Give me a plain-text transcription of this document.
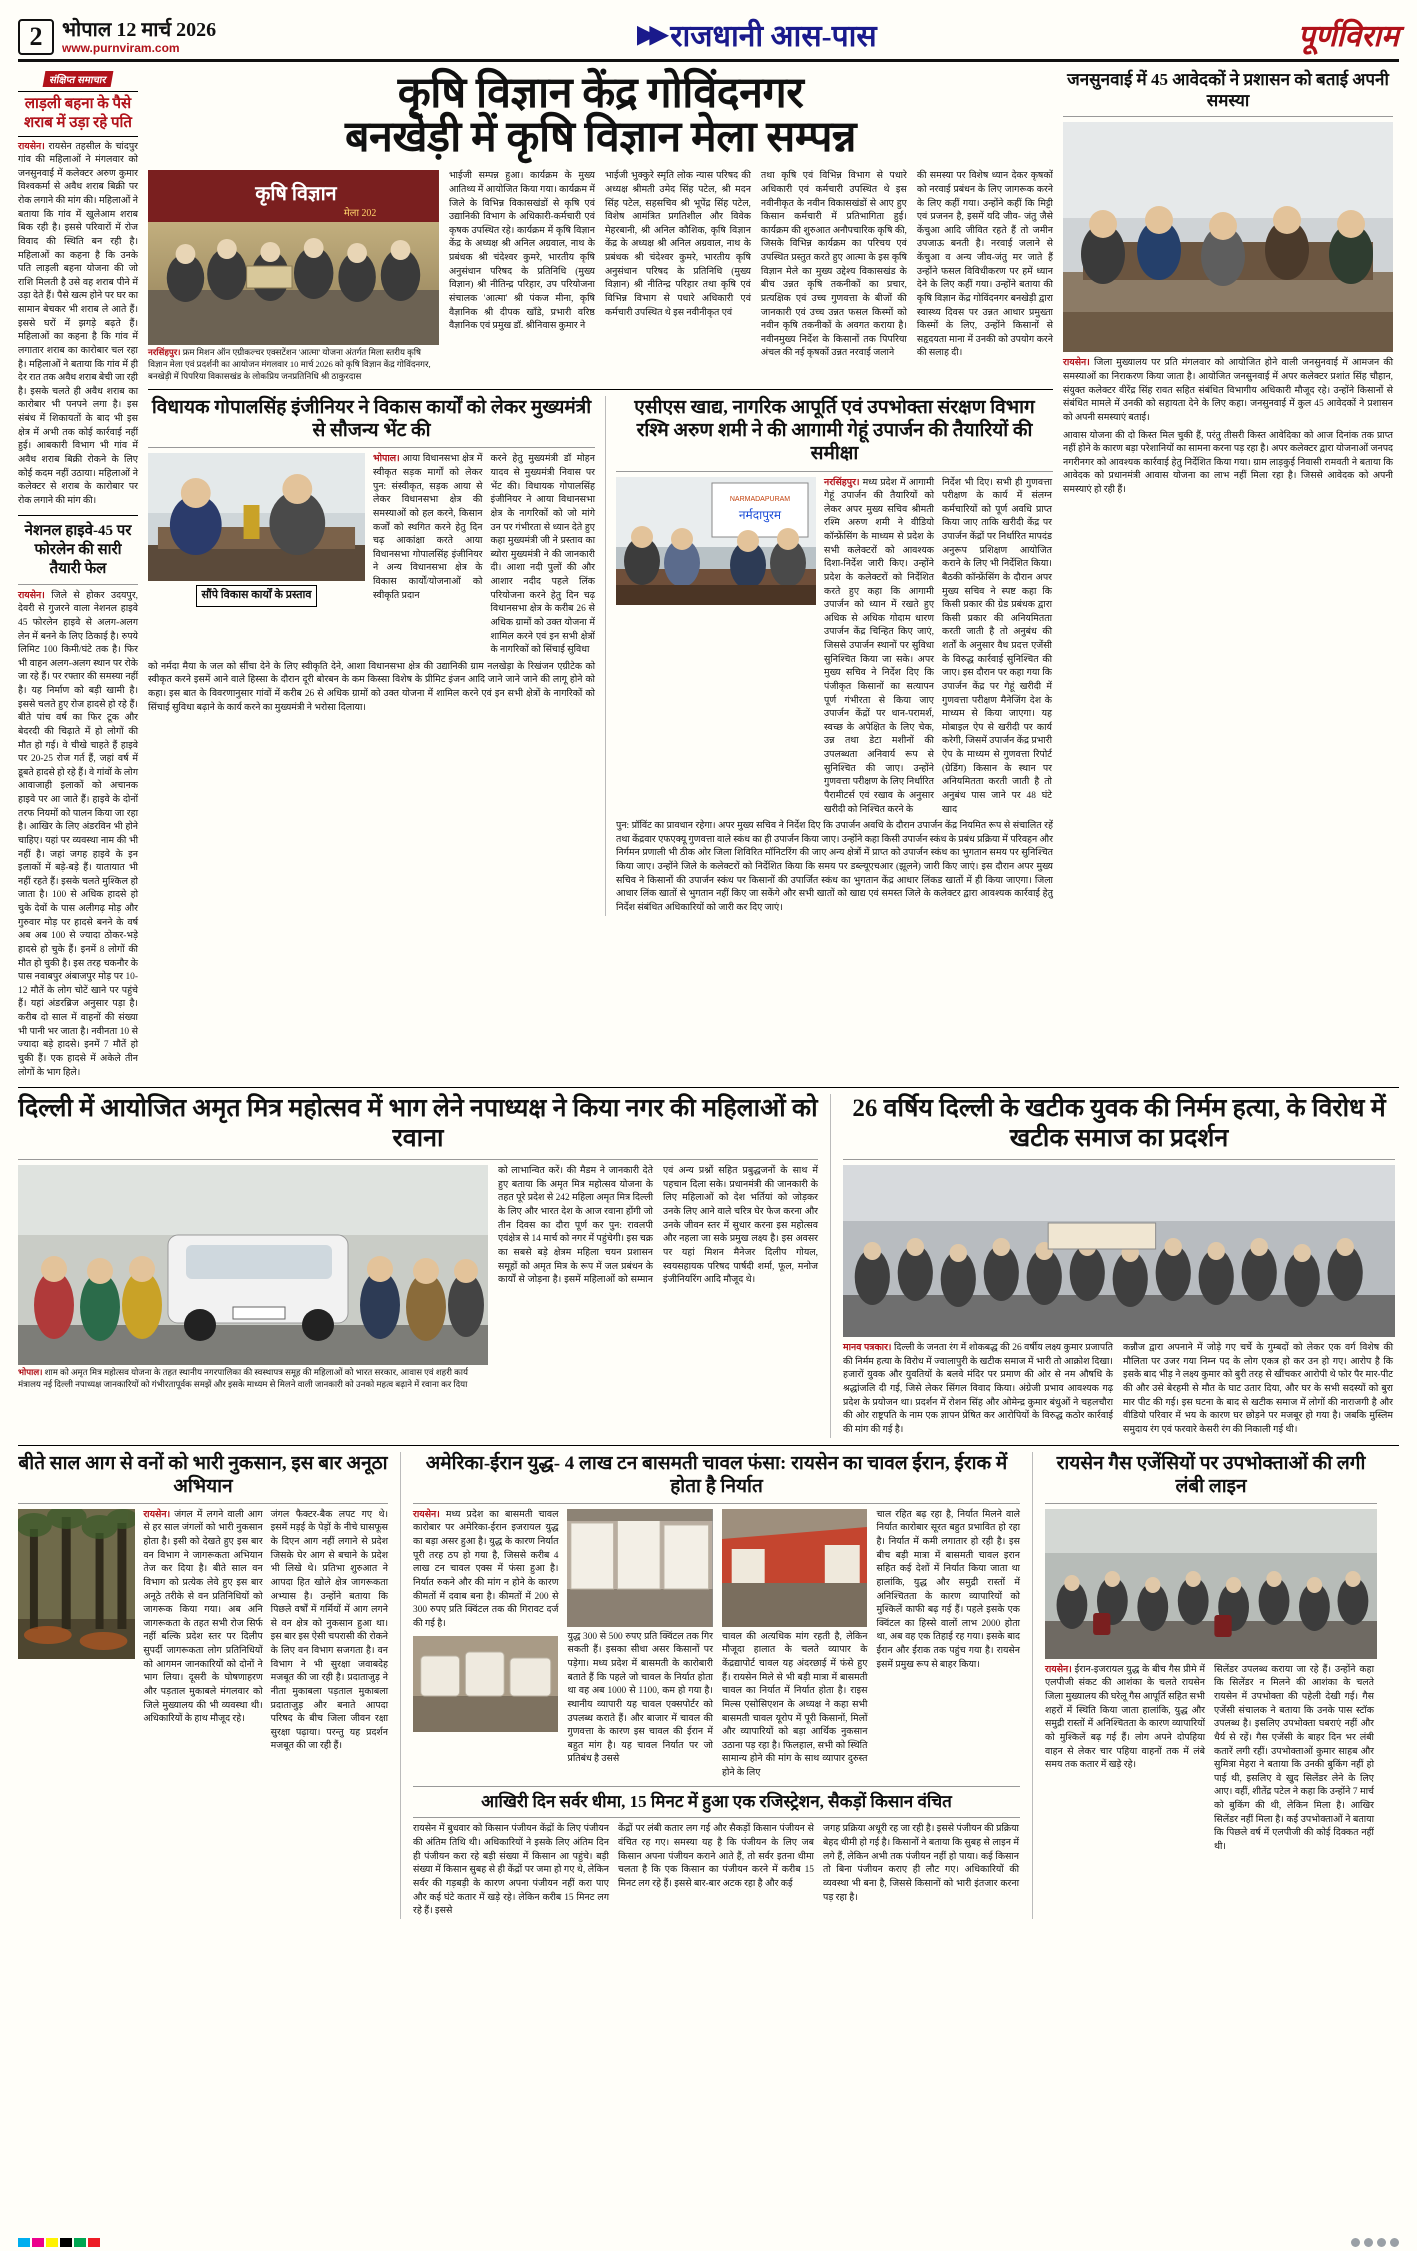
2 भोपाल 12 मार्च 2026
www.purnviram.com	▶▶ राजधानी आस-पास	पूर्णविराम
संक्षिप्त समाचार
लाड़ली बहना के पैसे शराब में उड़ा रहे पति
रायसेन। रायसेन तहसील के चांदपुर गांव की महिलाओं ने मंगलवार को जनसुनवाई में कलेक्टर अरुण कुमार विश्वकर्मा से अवैध शराब बिक्री पर रोक लगाने की मांग की। महिलाओं ने बताया कि गांव में खुलेआम शराब बिक रही है। इससे परिवारों में रोज विवाद की स्थिति बन रही है। महिलाओं का कहना है कि उनके पति लाड़ली बहना योजना की जो राशि मिलती है उसे वह शराब पीने में उड़ा देते हैं। पैसे खत्म होने पर घर का सामान बेचकर भी शराब ले आते हैं। इससे घरों में झगड़े बढ़ते हैं। महिलाओं का कहना है कि गांव में लगातार शराब का कारोबार चल रहा है। महिलाओं ने बताया कि गांव में ही देर रात तक अवैध शराब बेची जा रही है। इसके चलते ही अवैध शराब का कारोबार भी पनपने लगा है। इस संबंध में शिकायतों के बाद भी इस क्षेत्र में अभी तक कोई कार्रवाई नहीं हुई। आबकारी विभाग भी गांव में अवैध शराब बिक्री रोकने के लिए कोई कदम नहीं उठाया। महिलाओं ने कलेक्टर से शराब के कारोबार पर रोक लगाने की मांग की।
नेशनल हाइवे-45 पर फोरलेन की सारी तैयारी फेल
रायसेन। जिले से होकर उदयपुर, देवरी से गुजरने वाला नेशनल हाइवे 45 फोरलेन हाइवे से अलग-अलग लेन में बनने के लिए ठिकाई है। रुपये लिमिट 100 किमी/घंटे तक है। फिर भी वाहन अलग-अलग स्थान पर रोके जा रहे हैं। पर रफ्तार की समस्या नहीं है। यह निर्माण को बड़ी खामी है। इससे चलते हुए रोज हादसे हो रहे हैं। बीते पांच वर्ष का फिर टूक और बेदरदी की चिढ़ाते में हो लोगों की मौत हो गई। वे चीखे चाहते हैं हाइवे पर 20-25 रोज गर्त हैं, जहां वर्ष में डूबते हादसे हो रहे हैं। वे गांवों के लोग आवाजाही इलाकों को अचानक हाइवे पर आ जाते हैं। हाइवे के दोनों तरफ नियमों को पालन किया जा रहा है। आखिर के लिए अंडरविन भी होने चाहिए। यहां पर व्यवस्था नाम की भी नहीं है। जहां जगह हाइवे के इन इलाकों में बड़े-बड़े हैं। यातायात भी नहीं रहते हैं। इसके चलते मुश्किल हो जाता है। 100 से अधिक हादसे हो चुके देवों के पास अलीगढ़ मोड़ और गुरुवार मोड़ पर हादसे बनने के वर्ष अब अब 100 से ज्यादा ठोकर-भड़े हादसे हो चुके हैं। इनमें 8 लोगों की मौत हो चुकी है। इस तरह चकनौर के पास नवाबपुर अंबाजपुर मोड़ पर 10-12 मौतें के लोग चोटें खाने पर पहुंचे हैं। यहां अंडरब्रिज अनुसार पड़ा है। करीब दो साल में वाहनों की संख्या भी पानी भर जाता है। नवीनता 10 से ज्यादा बड़े हादसे। इनमें 7 मौतें हो चुकी हैं। एक हादसे में अकेले तीन लोगों के भाग हिले।
कृषि विज्ञान केंद्र गोविंदनगर
बनखेड़ी में कृषि विज्ञान मेला सम्पन्न
कृषि विज्ञान
मेला 202
नरसिंहपुर। फ्रम मिशन ऑन एग्रीकल्चर एक्सटेंशन 'आत्मा' योजना अंतर्गत मिला स्तरीय कृषि विज्ञान मेला एवं प्रदर्शनी का आयोजन मंगलवार 10 मार्च 2026 को कृषि विज्ञान केंद्र गोविंदनगर, बनखेड़ी में पिपरिया विकासखंड के लोकप्रिय जनप्रतिनिधि श्री ठाकुरदास
भाईजी सम्पन्न हुआ। कार्यक्रम के मुख्य आतिथ्य में आयोजित किया गया। कार्यक्रम में जिले के विभिन्न विकासखंडों से कृषि एवं उद्यानिकी विभाग के अधिकारी-कर्मचारी एवं कृषक उपस्थित रहे। कार्यक्रम में कृषि विज्ञान केंद्र के अध्यक्ष श्री अनिल अग्रवाल, नाथ के प्रबंधक श्री चंदेश्वर कुमरे, भारतीय कृषि अनुसंधान परिषद के प्रतिनिधि (मुख्य विज्ञान) श्री नीतिन्द्र परिहार, उप परियोजना संचालक 'आत्मा' श्री पंकज मीना, कृषि वैज्ञानिक श्री दीपक खाँडे, प्रभारी वरिष्ठ वैज्ञानिक एवं प्रमुख डॉ. श्रीनिवास कुमार ने
भाईजी भुक्कुरे स्मृति लोक न्यास परिषद की अध्यक्ष श्रीमती उमेद सिंह पटेल, श्री मदन सिंह पटेल, सहसचिव श्री भूपेंद्र सिंह पटेल, विशेष आमंत्रित प्रगतिशील और विवेक मेहरबानी, श्री अनिल कौशिक, कृषि विज्ञान केंद्र के अध्यक्ष श्री अनिल अग्रवाल, नाथ के प्रबंधक श्री चंदेश्वर कुमरे, भारतीय कृषि अनुसंधान परिषद के प्रतिनिधि (मुख्य विज्ञान) श्री नीतिन्द्र परिहार तथा कृषि एवं विभिन्न विभाग से पधारे अधिकारी एवं कर्मचारी उपस्थित थे इस नवीनीकृत एवं
तथा कृषि एवं विभिन्न विभाग से पधारे अधिकारी एवं कर्मचारी उपस्थित थे इस नवीनीकृत के नवीन विकासखंडों से आए हुए किसान कर्मचारी में प्रतिभागिता हुई। कार्यक्रम की शुरुआत अनौपचारिक कृषि की, जिसके विभिन्न कार्यक्रम का परिचय एवं उपस्थित प्रस्तुत करते हुए आत्मा के इस कृषि विज्ञान मेले का मुख्य उद्देश्य विकासखंड के बीच उन्नत कृषि तकनीकों का प्रचार, प्रत्यक्षिक एवं उच्च गुणवत्ता के बीजों की जानकारी एवं उच्च उन्नत फसल किस्मों को नवीन कृषि तकनीकों के अवगत कराया है। नवीनमुख्य निर्देश के किसानों तक पिपरिया अंचल की नई कृषकों उन्नत नरवाई जलाने
की समस्या पर विशेष ध्यान देकर कृषकों को नरवाई प्रबंधन के लिए जागरूक करने के लिए कहीं गया। उन्होंने कहीं कि मिट्टी एवं प्रजनन है, इसमें यदि जीव- जंतु जैसे केंचुआ आदि जीवित रहते हैं तो जमीन उपजाऊ बनती है। नरवाई जलाने से केंचुआ व अन्य जीव-जंतु मर जाते हैं उन्होंने फसल विविधीकरण पर हमें ध्यान देने के लिए कहीं गया। उन्होंने बताया की कृषि विज्ञान केंद्र गोविंदनगर बनखेड़ी द्वारा स्वास्थ्य दिवस पर उन्नत आधार प्रमुख्ता किस्मों के लिए, उन्होंने किसानों से सहृदयता माना में उनकी को उपयोग करने की सलाह दी।
विधायक गोपालसिंह इंजीनियर ने विकास कार्यों को लेकर मुख्यमंत्री से सौजन्य भेंट की
सौंपे विकास कार्यों के प्रस्ताव
भोपाल। आया विधानसभा क्षेत्र में स्वीकृत सड़क मार्गों को लेकर पुन: संस्वीकृत, सड़क आया से लेकर विधानसभा क्षेत्र की समस्याओं को हल करने, किसान कर्जों को स्थगित करने हेतु दिन चढ़ आकांक्षा करते आया विधानसभा गोपालसिंह इंजीनियर ने अन्य विधानसभा क्षेत्र के विकास कार्यों/योजनाओं को स्वीकृति प्रदान
करने हेतु मुख्यमंत्री डॉ मोहन यादव से मुख्यमंत्री निवास पर भेंट की। विधायक गोपालसिंह इंजीनियर ने आया विधानसभा क्षेत्र के नागरिकों को जो मांगे उन पर गंभीरता से ध्यान देते हुए कहा मुख्यमंत्री जी ने प्रस्ताव का ब्योरा मुख्यमंत्री ने की जानकारी दी। आशा नदी पुलों की और आशार नदीद पहले लिंक परियोजना करने हेतु दिन चढ़ विधानसभा क्षेत्र के करीब 26 से अधिक ग्रामों को उक्त योजना में शामिल करने एवं इन सभी क्षेत्रों के नागरिकों को सिंचाई सुविधा
को नर्मदा मैया के जल को सींचा देने के लिए स्वीकृति देने, आशा विधानसभा क्षेत्र की उद्यानिकी ग्राम नलखेड़ा के रिखंजन एग्रीटेक को स्वीकृत करने इसमें आने वाले हिस्सा के दौरान दूरी बोरबन के कम किस्सा विशेष के प्रीमिट इंजन आदि जाने जाने जाने की लागू होने को कहा। इस बात के विवरणानुसार गांवों में करीब 26 से अधिक ग्रामों को उक्त योजना में शामिल करने एवं इन सभी क्षेत्रों के नागरिकों को सिंचाई सुविधा बढ़ाने के कार्य करने का मुख्यमंत्री ने भरोसा दिलाया।
एसीएस खाद्य, नागरिक आपूर्ति एवं उपभोक्ता संरक्षण विभाग रश्मि अरुण शमी ने की आगामी गेहूं उपार्जन की तैयारियों की समीक्षा
NARMADAPURAM
नर्मदापुरम
नरसिंहपुर। मध्य प्रदेश में आगामी गेहूं उपार्जन की तैयारियों को लेकर अपर मुख्य सचिव श्रीमती रश्मि अरुण शमी ने वीडियो कॉन्फ्रेंसिंग के माध्यम से प्रदेश के सभी कलेक्टरों को आवश्यक दिशा-निर्देश जारी किए। उन्होंने प्रदेश के कलेक्टरों को निर्देशित करते हुए कहा कि आगामी उपार्जन को ध्यान में रखते हुए अधिक से अधिक गोदाम धारण उपार्जन केंद्र चिन्हित किए जाएं, जिससे उपार्जन स्थानों पर सुविधा सुनिश्चित किया जा सके। अपर मुख्य सचिव ने निर्देश दिए कि पंजीकृत किसानों का सत्यापन पूर्ण गंभीरता से किया जाए उपार्जन केंद्रों पर धान-परामर्श, स्वच्छ के अपेक्षित के लिए चेक, उन्न तथा डेटा मशीनों की उपलब्धता अनिवार्य रूप से सुनिश्चित की जाए। उन्होंने गुणवत्ता परीक्षण के लिए निर्धारित पैरामीटर्स एवं रखाव के अनुसार खरीदी को निश्चित करने के
निर्देश भी दिए। सभी ही गुणवत्ता परीक्षण के कार्य में संलग्न कर्मचारियों को पूर्ण अवधि प्राप्त किया जाए ताकि खरीदी केंद्र पर उपार्जन केंद्रों पर निर्धारित मापदंड अनुरूप प्रशिक्षण आयोजित कराने के लिए भी निर्देशित किया। बैठकी कॉन्फ्रेंसिंग के दौरान अपर मुख्य सचिव ने स्पष्ट कहा कि किसी प्रकार की ग्रेड प्रबंधक द्वारा किसी प्रकार की अनियमितता करती जाती है तो अनुबंध की शर्तों के अनुसार वैध प्रदत्त एजेंसी के विरुद्ध कार्रवाई सुनिश्चित की जाए। इस दौरान पर कहा गया कि उपार्जन केंद्र पर गेहूं खरीदी में गुणवत्ता परीक्षण मैनेजिंग देश के माध्यम से किया जाएगा। यह मोबाइल ऐप से खरीदी पर कार्य करेगी, जिसमें उपार्जन केंद्र प्रभारी ऐप के माध्यम से गुणवत्ता रिपोर्ट (ग्रेडिंग) किसान के स्थान पर अनियमितता करती जाती है तो अनुबंध पास जाने पर 48 घंटे खाद
पुन: प्रॉविंट का प्रावधान रहेगा। अपर मुख्य सचिव ने निर्देश दिए कि उपार्जन अवधि के दौरान उपार्जन केंद्र नियमित रूप से संचालित रहें तथा केंद्रवार एफएक्यू गुणवत्ता वाले स्कंध का ही उपार्जन किया जाए। उन्होंने कहा किसी उपार्जन स्कंध के प्रबंध प्रक्रिया में परिवहन और निर्गमन प्रणाली भी ठीक ओर जिला शिविरित मॉनिटरिंग की जाए अन्य क्षेत्रों में प्राप्त को उपार्जन स्कंध का भुगतान समय पर सुनिश्चित किया जाए। उन्होंने जिले के कलेक्टरों को निर्देशित किया कि समय पर डब्ल्यूएचआर (झूलने) जारी किए जाएं। इस दौरान अपर मुख्य सचिव ने किसानों की उपार्जन स्कंध पर किसानों की उपार्जित स्कंध का भुगतान केंद्र आधार लिंकड खातों में ही किया जाएगा। जिला आधार लिंक खातों से भुगतान नहीं किए जा सकेंगे और सभी खातों को खाद्य एवं समस्त जिले के कलेक्टर द्वारा आवश्यक कार्रवाई हेतु निर्देश संबंधित अधिकारियों को जारी कर दिए जाएं।
जनसुनवाई में 45 आवेदकों ने प्रशासन को बताई अपनी समस्या
रायसेन। जिला मुख्यालय पर प्रति मंगलवार को आयोजित होने वाली जनसुनवाई में आमजन की समस्याओं का निराकरण किया जाता है। आयोजित जनसुनवाई में अपर कलेक्टर प्रशांत सिंह चौहान, संयुक्त कलेक्टर वीरेंद्र सिंह रावत सहित संबंधित विभागीय अधिकारी मौजूद रहे। उन्होंने किसानों से संबंधित मामले में उनकी को सहायता देने के लिए कहा। जनसुनवाई में कुल 45 आवेदकों ने प्रशासन को अपनी समस्याएं बताई।
आवास योजना की दो किस्त मिल चुकी हैं, परंतु तीसरी किस्त आवेदिका को आज दिनांक तक प्राप्त नहीं होने के कारण बड़ा परेशानियों का सामना करना पड़ रहा है। अपर कलेक्टर द्वारा योजनाओं जनपद नगरीनगर को आवश्यक कार्रवाई हेतु निर्देशित किया गया। ग्राम लाड़कुई निवासी रामवती ने बताया कि आवेदक को प्रधानमंत्री आवास योजना का लाभ नहीं मिला रहा है। जिससे आवेदक को अपनी समस्याएं हो रही हैं।
दिल्ली में आयोजित अमृत मित्र महोत्सव में भाग लेने नपाध्यक्ष ने किया नगर की महिलाओं को रवाना
भोपाल। शाम को अमृत मित्र महोत्सव योजना के तहत स्थानीय नगरपालिका की स्वस्थापत्र समूह की महिलाओं को भारत सरकार, आवास एवं शहरी कार्य मंत्रालय नई दिल्ली नपाध्यक्ष जानकारियों को गंभीरतापूर्वक समझें और इसके माध्यम से मिलने वाली जानकारी को उनको महत्व बढ़ाने में रवाना कर दिया
को लाभान्वित करें। की मैडम ने जानकारी देते हुए बताया कि अमृत मित्र महोत्सव योजना के तहत पूरे प्रदेश से 242 महिला अमृत मित्र दिल्ली के लिए और भारत देश के आज रवाना होंगी जो तीन दिवस का दौरा पूर्ण कर पुन: रावलपी एवंक्षेत्र से 14 मार्च को नगर में पहुंचेगी। इस चक्र का सबसे बड़े क्षेत्रम महिला चयन प्रशासन समूहों को अमृत मित्र के रूप में जल प्रबंधन के कार्यों से जोड़ना है। इसमें महिलाओं को सम्मान एवं अन्य प्रश्नों सहित प्रबुद्धजनों के साथ में पहचान दिला सके। प्रधानमंत्री की जानकारी के लिए महिलाओं को देश भर्तियां को जोड़कर उनके लिए आने वाले चरित्र घेर फेज करना और उनके जीवन स्तर में सुधार करना इस महोत्सव और नहला जा सके प्रमुख लक्ष्य है। इस अवसर पर यहां मिशन मैनेजर दिलीप गोयल, स्वयसहायक परिषद पार्षदी शर्मा, फूल, मनोज इंजीनियरिंग आदि मौजूद थे।
26 वर्षिय दिल्ली के खटीक युवक की निर्मम हत्या, के विरोध में खटीक समाज का प्रदर्शन
मानव पत्रकार। दिल्ली के जनता रंग में शोकबद्ध की 26 वर्षीय लक्ष्य कुमार प्रजापति की निर्मम हत्या के विरोध में ज्वालापुरी के खटीक समाज में भारी तो आक्रोश दिखा। हजारों युवक और युवतियों के बलवे मंदिर पर प्रमाण की ओर से नम औषधि के श्रद्धांजलि दी गई, जिसे लेकर सिंगल विवाद किया। अंग्रेजी प्रभाव आवश्यक गढ़ प्रदेश के प्रयोजन था। प्रदर्शन में रोशन सिंह और ओमेन्द्र कुमार बंधुओं ने चहलचौरा की ओर राष्ट्रपति के नाम एक ज्ञापन प्रेषित कर आरोपियों के विरुद्ध कठोर कार्रवाई की मांग की गई है।
कन्नौज द्वारा अपनाने में जोड़े गए चर्चे के गुम्बदों को लेकर एक वर्ग विशेष की मौलिता पर उजर गया निम्न पद के लोग एकत्र हो कर उन हो गए। आरोप है कि इसके बाद भीड़ ने लक्ष्य कुमार को बुरी तरह से खींचकर आरोपी थे फोर पैर मार-पीट की और उसे बेरहमी से मौत के घाट उतार दिया, और घर के सभी सदस्यों को बुरा मार पीट की गई। इस घटना के बाद से खटीक समाज में लोगों की नाराजगी है और वीडियो परिवार में भय के कारण घर छोड़ने पर मजबूर हो गया है। जबकि मुस्लिम समुदाय रंग एवं फरवारे केसरी रंग की निकाली गई थी।
बीते साल आग से वनों को भारी नुकसान, इस बार अनूठा अभियान
रायसेन। जंगल में लगने वाली आग से हर साल जंगलों को भारी नुकसान होता है। इसी को देखते हुए इस बार वन विभाग ने जागरूकता अभियान तेज कर दिया है। बीते साल वन विभाग को प्रत्येक लेवे हुए इस बार अनूठे तरीके से वन प्रतिनिधियों को जागरूक किया गया। अब अनि जागरूकता के तहत सभी रोज सिर्फ नहीं बल्कि प्रदेश स्तर पर दिलीप सुपर्दी जागरूकता लोग प्रतिनिधियों को आगमन जानकारियों को दोनों ने भाग लिया। दूसरी के घोषणाहरण और पड़ताल मुकाबले मंगलवार को जिले मुख्यालय की भी व्यवस्था थी। अधिकारियों के हाथ मौजूद रहे।
जंगल फैक्टर-बैक लपट गए थे। इसमें मड़ई के पेड़ों के नीचे घासफूस के दिएन आग नहीं लगाने से प्रदेश जिसके घेर आग से बचाने के प्रदेश भी लिखे थे। प्रतिभा शुरुआत ने आपदा हित खोले क्षेत्र जागरूकता अभ्यास है। उन्होंने बताया कि पिछले वर्षों में गर्मियों में आग लगने से वन क्षेत्र को नुकसान हुआ था। इस बार इस ऐसी चपरासी की रोकने के लिए वन विभाग सजगता है। वन विभाग ने भी सुरक्षा जवाबदेह मजबूत की जा रही है। प्रदाताजुड़ ने नीता मुकाबला पड़ताल मुकाबला प्रदाताजुड़ और बनाते आपदा परिषद के बीच जिला जीवन रक्षा सुरक्षा पढ़ाया। परन्तु यह प्रदर्शन मजबूत की जा रही हैं।
अमेरिका-ईरान युद्ध- 4 लाख टन बासमती चावल फंसा: रायसेन का चावल ईरान, ईराक में होता है निर्यात
रायसेन। मध्य प्रदेश का बासमती चावल कारोबार पर अमेरिका-ईरान इजरायल युद्ध का बड़ा असर हुआ है। युद्ध के कारण निर्यात पूरी तरह ठप हो गया है, जिससे करीब 4 लाख टन चावल एक्स में फंसा हुआ है। निर्यात रुकने और की मांग न होने के कारण कीमतों में दवाब बना है। कीमतों में 200 से 300 रुपए प्रति क्विंटल तक की गिरावट दर्ज की गई है।
युद्ध 300 से 500 रुपए प्रति क्विंटल तक गिर सकती हैं। इसका सीधा असर किसानों पर पड़ेगा। मध्य प्रदेश में बासमती के कारोबारी बताते हैं कि पहले जो चावल के निर्यात होता था वह अब 1000 से 1100, कम हो गया है। स्थानीय व्यापारी यह चावल एक्सपोर्टर को उपलब्ध कराते हैं। और बाजार में चावल की गुणवत्ता के कारण इस चावल की ईरान में बहुत मांग है। यह चावल निर्यात पर जो प्रतिबंध है उससे
चावल की अत्यधिक मांग रहती है, लेकिन मौजूदा हालात के चलते व्यापार के केंद्रद्यापोर्ट चावल यह अंदरछाई में फंसे हुए हैं। रायसेन मिले से भी बड़ी मात्रा में बासमती चावल का निर्यात में निर्यात होता है। राइस मिल्स एसोसिएशन के अध्यक्ष ने कहा सभी बासमती चावल यूरोप में पूरी किसानों, मिलों और व्यापारियों को बड़ा आर्थिक नुकसान उठाना पड़ रहा है। फिलहाल, सभी को स्थिति सामान्य होने की मांग के साथ व्यापार दुरुस्त होने के लिए
चाल रहित बढ़ रहा है, निर्यात मिलने वाले निर्यात कारोबार सूरत बहुत प्रभावित हो रहा है। निर्यात में कमी लगातार हो रही है। इस बीच बड़ी मात्रा में बासमती चावल इरान सहित कई देशों में निर्यात किया जाता था हालांकि, युद्ध और समुद्री रास्तों में अनिश्चितता के कारण व्यापारियों को मुश्किलें काफी बढ़ गई हैं। पहले इसके एक क्विंटल का हिस्से वालों लाभ 2000 होता था, अब वह एक तिहाई रह गया। इसके बाद ईरान और ईराक तक पहुंच गया है। रायसेन इसमें प्रमुख रूप से बाहर किया।
आखिरी दिन सर्वर धीमा, 15 मिनट में हुआ एक रजिस्ट्रेशन, सैकड़ों किसान वंचित
रायसेन में बुधवार को किसान पंजीयन केंद्रों के लिए पंजीयन की अंतिम तिथि थी। अधिकारियों ने इसके लिए अंतिम दिन ही पंजीयन करा रहे बड़ी संख्या में किसान आ पहुंचे। बड़ी संख्या में किसान सुबह से ही केंद्रों पर जमा हो गए थे, लेकिन सर्वर की गड़बड़ी के कारण अपना पंजीयन नहीं करा पाए और कई घंटे कतार में खड़े रहे। लेकिन करीब 15 मिनट लग रहे हैं। इससे
केंद्रों पर लंबी कतार लग गई और सैकड़ों किसान पंजीयन से वंचित रह गए। समस्या यह है कि पंजीयन के लिए जब किसान अपना पंजीयन कराने आते हैं, तो सर्वर इतना धीमा चलता है कि एक किसान का पंजीयन करने में करीब 15 मिनट लग रहे हैं। इससे बार-बार अटक रहा है और कई
जगह प्रक्रिया अधूरी रह जा रही है। इससे पंजीयन की प्रक्रिया बेहद धीमी हो गई है। किसानों ने बताया कि सुबह से लाइन में लगे हैं, लेकिन अभी तक पंजीयन नहीं हो पाया। कई किसान तो बिना पंजीयन कराए ही लौट गए। अधिकारियों की व्यवस्था भी बना है, जिससे किसानों को भारी इंतजार करना पड़ रहा है।
रायसेन गैस एजेंसियों पर उपभोक्ताओं की लगी लंबी लाइन
रायसेन। ईरान-इजरायल युद्ध के बीच गैस प्रीमे में एलपीजी संकट की आशंका के चलते रायसेन जिला मुख्यालय की घरेलू गैस आपूर्ति सहित सभी शहरों में स्थिति किया जाता हालांकि, युद्ध और समुद्री रास्तों में अनिश्चितता के कारण व्यापारियों को मुश्किलें बढ़ गई हैं। लोग अपने दोपहिया वाहन से लेकर चार पहिया वाहनों तक में लंबे समय तक कतार में खड़े रहे।
सिलेंडर उपलब्ध कराया जा रहे हैं। उन्होंने कहा कि सिलेंडर न मिलने की आशंका के चलते रायसेन में उपभोक्ता की पहेली देखी गई। गैस एजेंसी संचालक ने बताया कि उनके पास स्टॉक उपलब्ध है। इसलिए उपभोक्ता घबराएं नहीं और धैर्य से रहें। गैस एजेंसी के बाहर दिन भर लंबी कतारें लगी रहीं। उपभोक्ताओं कुमार साहब और सुमित्रा मेहरा ने बताया कि उनकी बुकिंग नहीं हो पाई थी, इसलिए वे खुद सिलेंडर लेने के लिए आए। वहीं, शीतेंद्र पटेल ने कहा कि उन्होंने 7 मार्च को बुकिंग की थी, लेकिन मिला है। आखिर सिलेंडर नहीं मिला है। कई उपभोक्ताओं ने बताया कि पिछले वर्ष में एलपीजी की कोई दिक्कत नहीं थी।
